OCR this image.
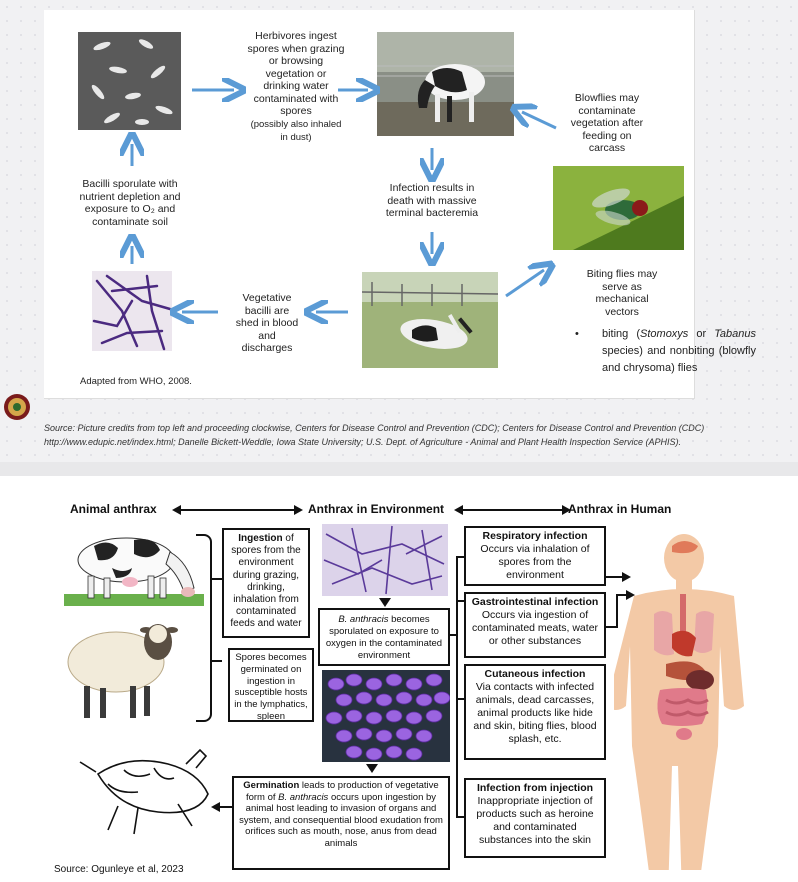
Herbivores ingest spores when grazing or browsing vegetation or drinking water contaminated with spores
(possibly also inhaled in dust)
Blowflies may contaminate vegetation after feeding on carcass
Infection results in death with massive terminal bacteremia
Bacilli sporulate with nutrient depletion and exposure to O₂ and contaminate soil
Vegetative bacilli are shed in blood and discharges
Biting flies may serve as mechanical vectors
•	biting (Stomoxys or Tabanus species) and nonbiting (blowfly and chrysoma) flies
Adapted from WHO, 2008.
Source: Picture credits from top left and proceeding clockwise, Centers for Disease Control and Prevention (CDC); Centers for Disease Control and Prevention (CDC)
http://www.edupic.net/index.html; Danelle Bickett-Weddle, Iowa State University; U.S. Dept. of Agriculture - Animal and Plant Health Inspection Service (APHIS).
Animal anthrax	Anthrax in Environment	Anthrax in Human
Ingestion of spores from the environment during grazing, drinking, inhalation from contaminated feeds and water
Spores becomes germinated on ingestion in susceptible hosts in the lymphatics, spleen
B. anthracis becomes sporulated on exposure to oxygen in the contaminated environment
Germination leads to production of vegetative form of B. anthracis occurs upon ingestion by animal host leading to invasion of organs and system, and consequential blood exudation from orifices such as mouth, nose, anus from dead animals
Respiratory infection
Occurs via inhalation of spores from the environment
Gastrointestinal infection
Occurs via ingestion of contaminated meats, water or other substances
Cutaneous infection
Via contacts with infected animals, dead carcasses, animal products like hide and skin, biting flies, blood splash, etc.
Infection from injection
Inappropriate injection of products such as heroine and contaminated substances into the skin
Source: Ogunleye et al, 2023
